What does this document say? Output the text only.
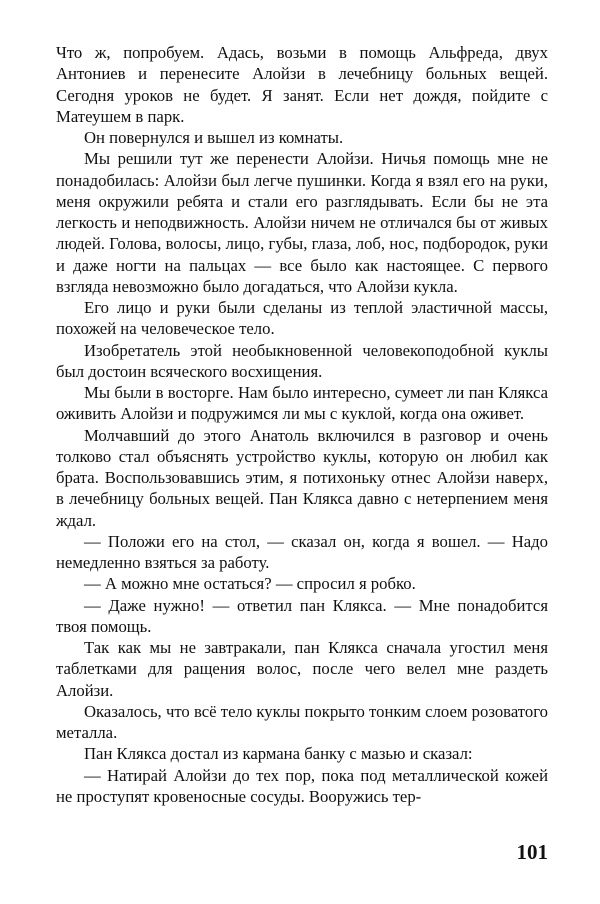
Что ж, попробуем. Адась, возьми в помощь Альфреда, двух Антониев и перенесите Алойзи в лечебницу больных вещей. Сегодня уроков не будет. Я занят. Если нет дождя, пойдите с Матеушем в парк.

Он повернулся и вышел из комнаты.

Мы решили тут же перенести Алойзи. Ничья помощь мне не понадобилась: Алойзи был легче пушинки. Когда я взял его на руки, меня окружили ребята и стали его разглядывать. Если бы не эта легкость и неподвижность. Алойзи ничем не отличался бы от живых людей. Голова, волосы, лицо, губы, глаза, лоб, нос, подбородок, руки и даже ногти на пальцах — все было как настоящее. С первого взгляда невозможно было догадаться, что Алойзи кукла.

Его лицо и руки были сделаны из теплой эластичной массы, похожей на человеческое тело.

Изобретатель этой необыкновенной человекоподобной куклы был достоин всяческого восхищения.

Мы были в восторге. Нам было интересно, сумеет ли пан Клякса оживить Алойзи и подружимся ли мы с куклой, когда она оживет.

Молчавший до этого Анатоль включился в разговор и очень толково стал объяснять устройство куклы, которую он любил как брата. Воспользовавшись этим, я потихоньку отнес Алойзи наверх, в лечебницу больных вещей. Пан Клякса давно с нетерпением меня ждал.

— Положи его на стол, — сказал он, когда я вошел. — Надо немедленно взяться за работу.

— А можно мне остаться? — спросил я робко.

— Даже нужно! — ответил пан Клякса. — Мне понадобится твоя помощь.

Так как мы не завтракали, пан Клякса сначала угостил меня таблетками для ращения волос, после чего велел мне раздеть Алойзи.

Оказалось, что всё тело куклы покрыто тонким слоем розоватого металла.

Пан Клякса достал из кармана банку с мазью и сказал:

— Натирай Алойзи до тех пор, пока под металлической кожей не проступят кровеносные сосуды. Вооружись тер-

101
